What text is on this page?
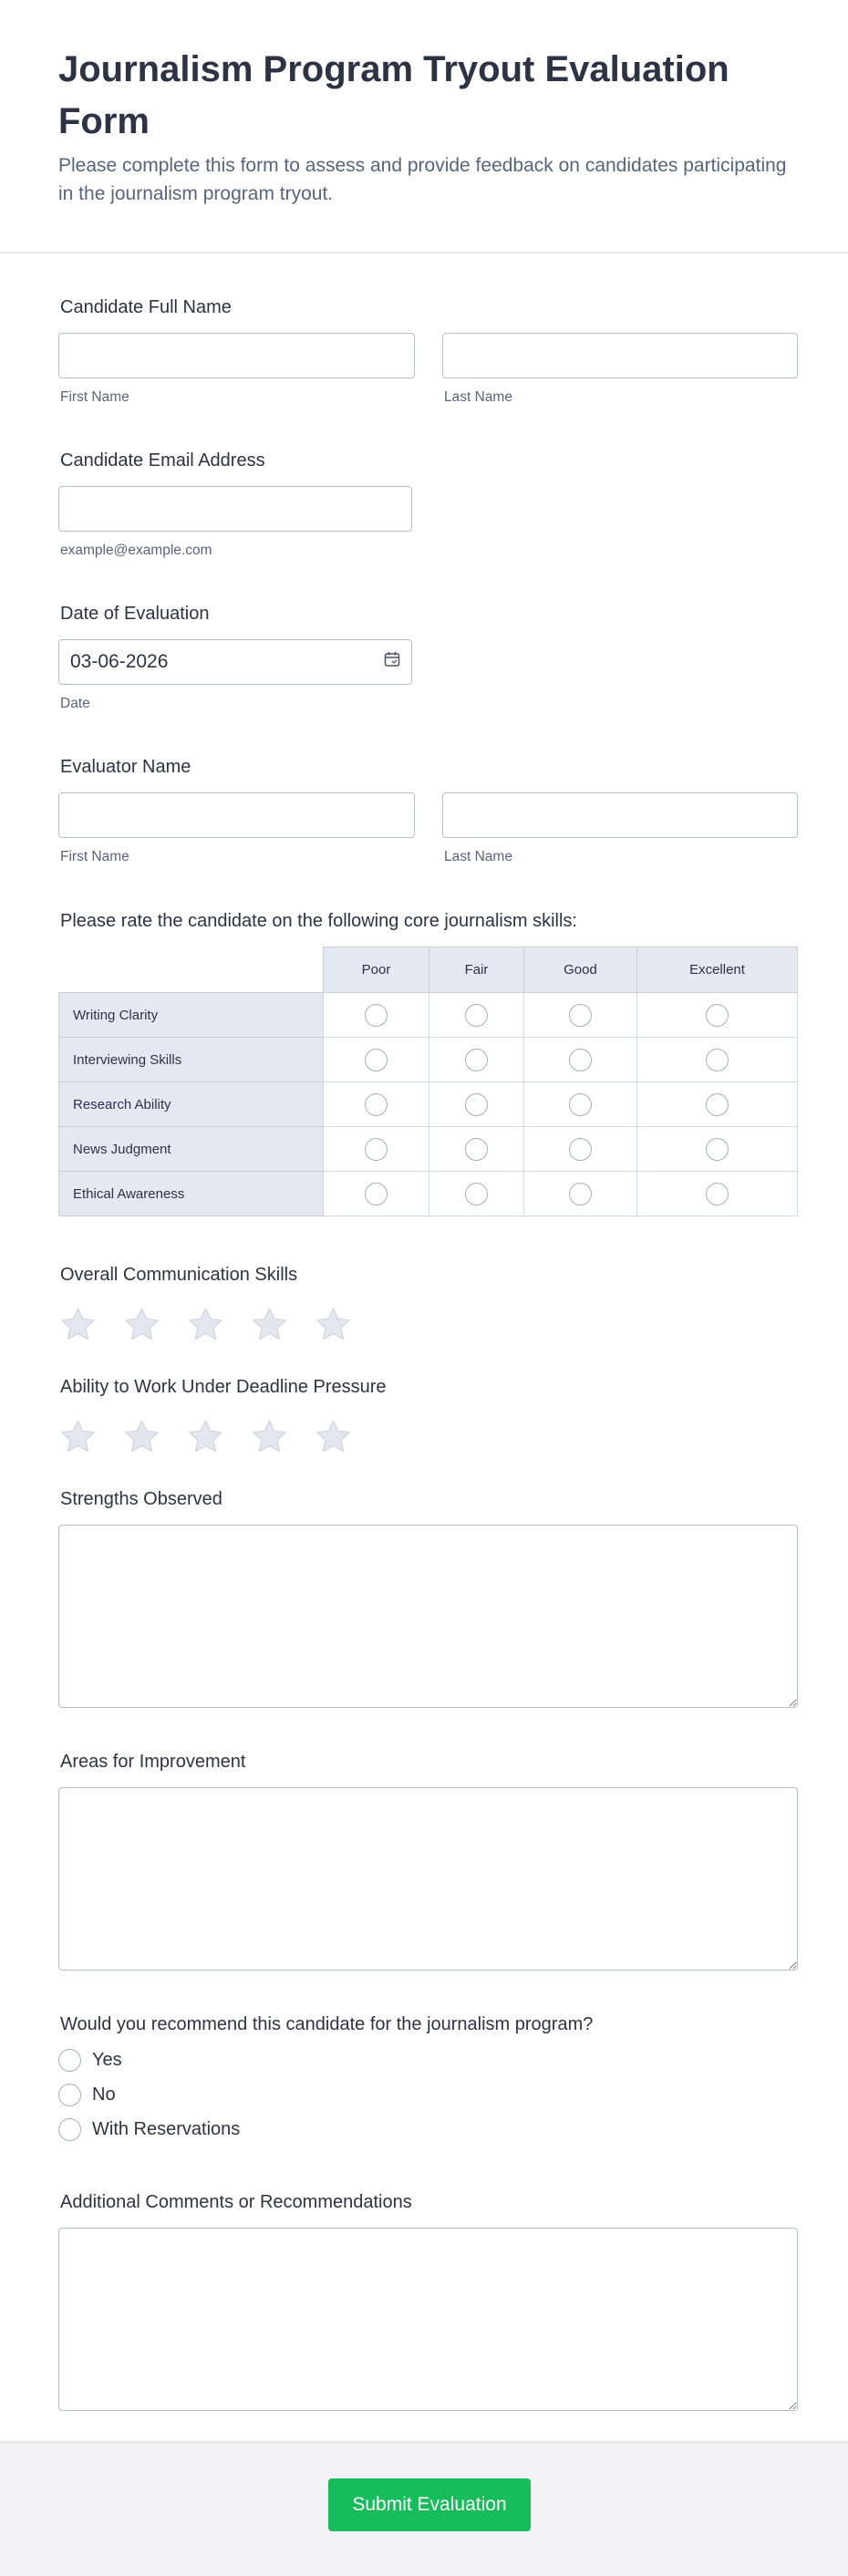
Journalism Program Tryout Evaluation Form

Please complete this form to assess and provide feedback on candidates participating in the journalism program tryout.

Candidate Full Name
First Name	Last Name
Candidate Email Address
example@example.com
Date of Evaluation
03-06-2026
Date
Evaluator Name
First Name	Last Name
Please rate the candidate on the following core journalism skills:
	Poor	Fair	Good	Excellent
Writing Clarity				
Interviewing Skills				
Research Ability				
News Judgment				
Ethical Awareness				
Overall Communication Skills
Ability to Work Under Deadline Pressure
Strengths Observed
Areas for Improvement
Would you recommend this candidate for the journalism program?
Yes
No
With Reservations
Additional Comments or Recommendations
Submit Evaluation
